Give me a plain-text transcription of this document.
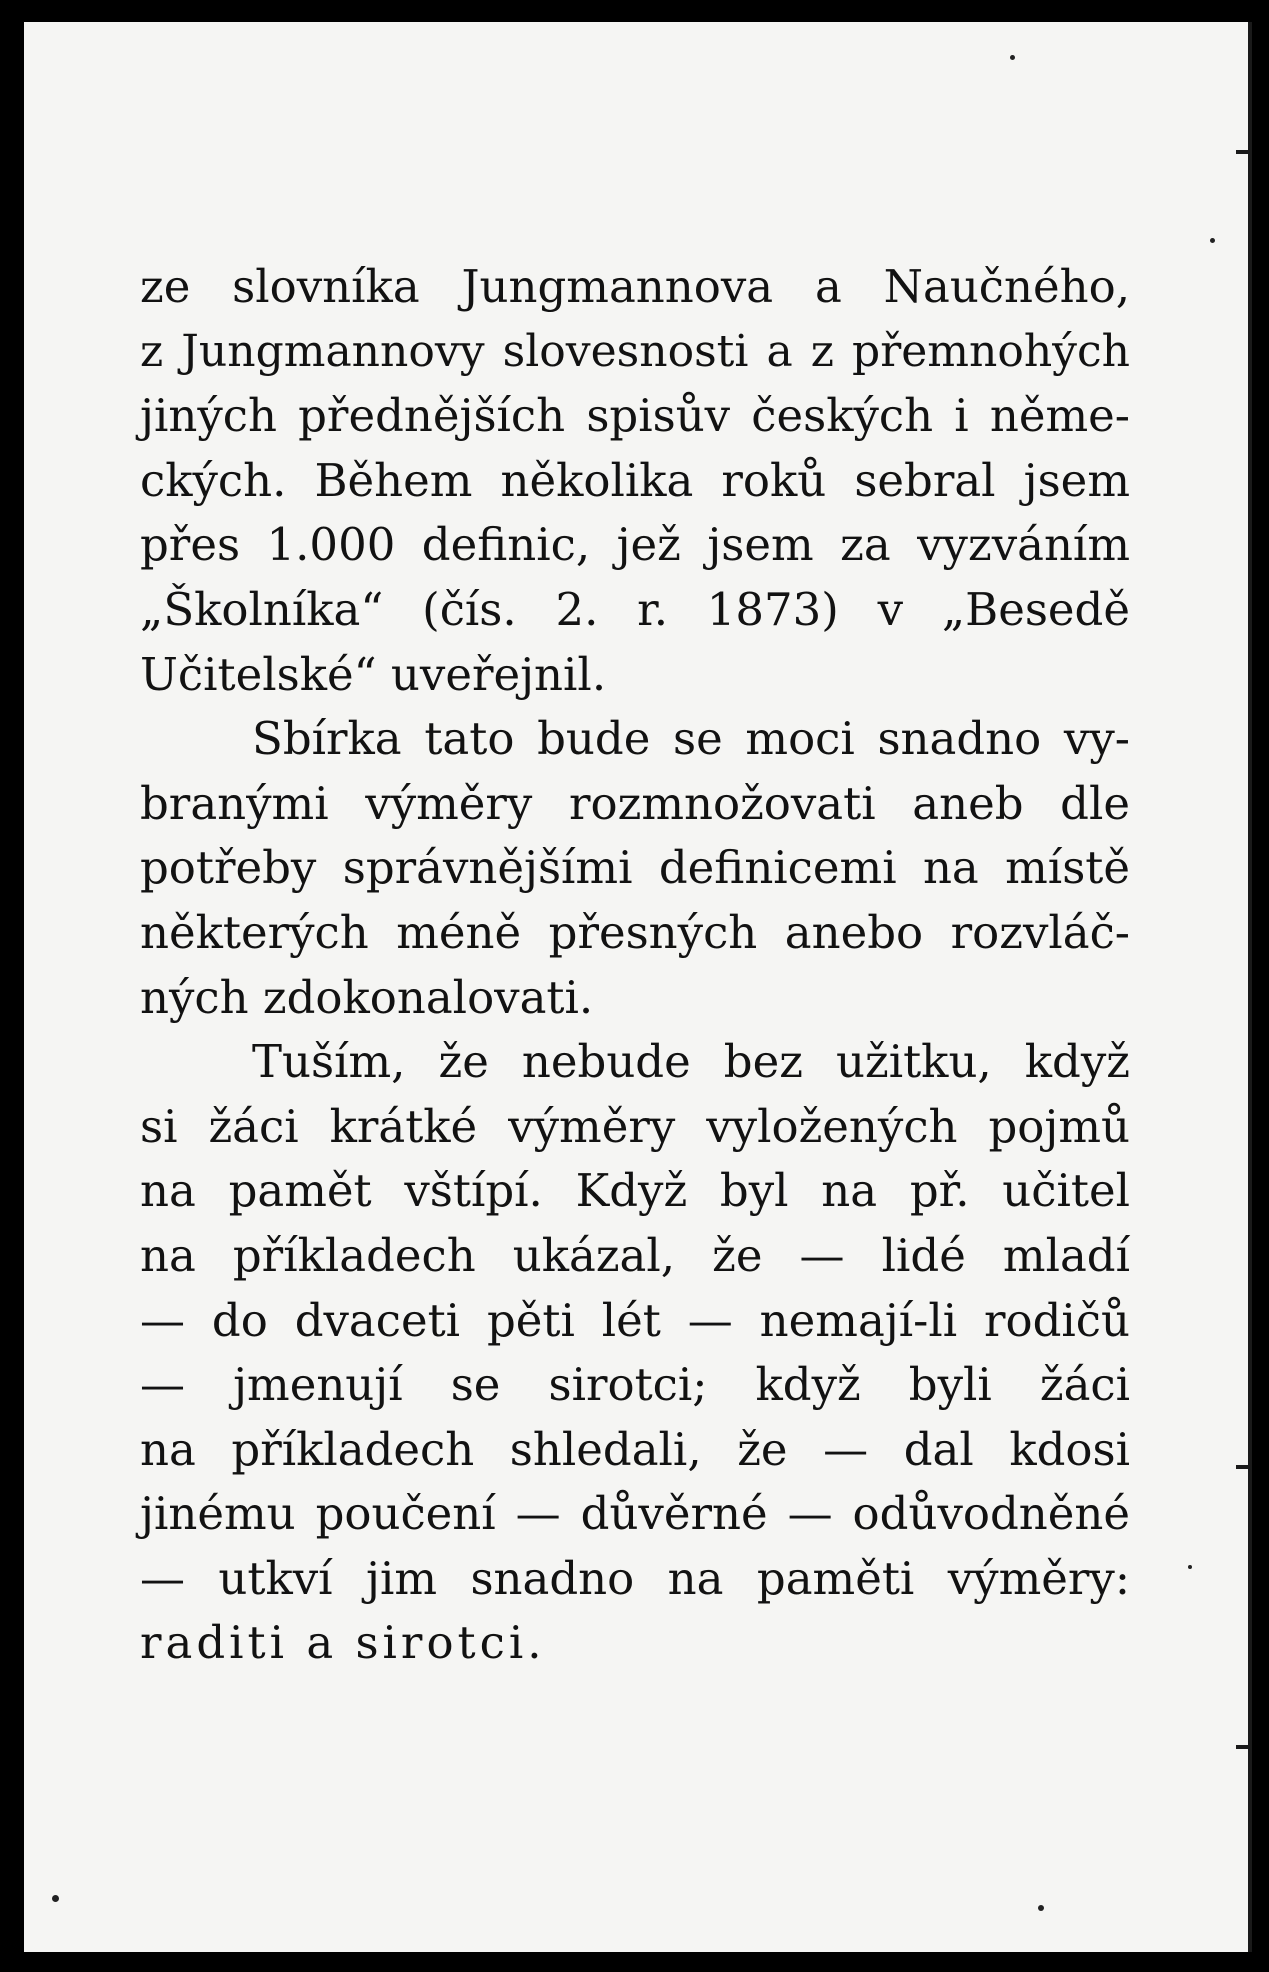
ze slovníka Jungmannova a Naučného,
z Jungmannovy slovesnosti a z přemnohých
jiných přednějších spisův českých i něme-
ckých. Během několika roků sebral jsem
přes 1.000 definic, jež jsem za vyzváním
„Školníka“ (čís. 2. r. 1873) v „Besedě
Učitelské“ uveřejnil.
Sbírka tato bude se moci snadno vy-
branými výměry rozmnožovati aneb dle
potřeby správnějšími definicemi na místě
některých méně přesných anebo rozvláč-
ných zdokonalovati.
Tuším, že nebude bez užitku, když
si žáci krátké výměry vyložených pojmů
na pamět vštípí. Když byl na př. učitel
na příkladech ukázal, že — lidé mladí
— do dvaceti pěti lét — nemají-li rodičů
— jmenují se sirotci; když byli žáci
na příkladech shledali, že — dal kdosi
jinému poučení — důvěrné — odůvodněné
— utkví jim snadno na paměti výměry:
raditi a sirotci.
